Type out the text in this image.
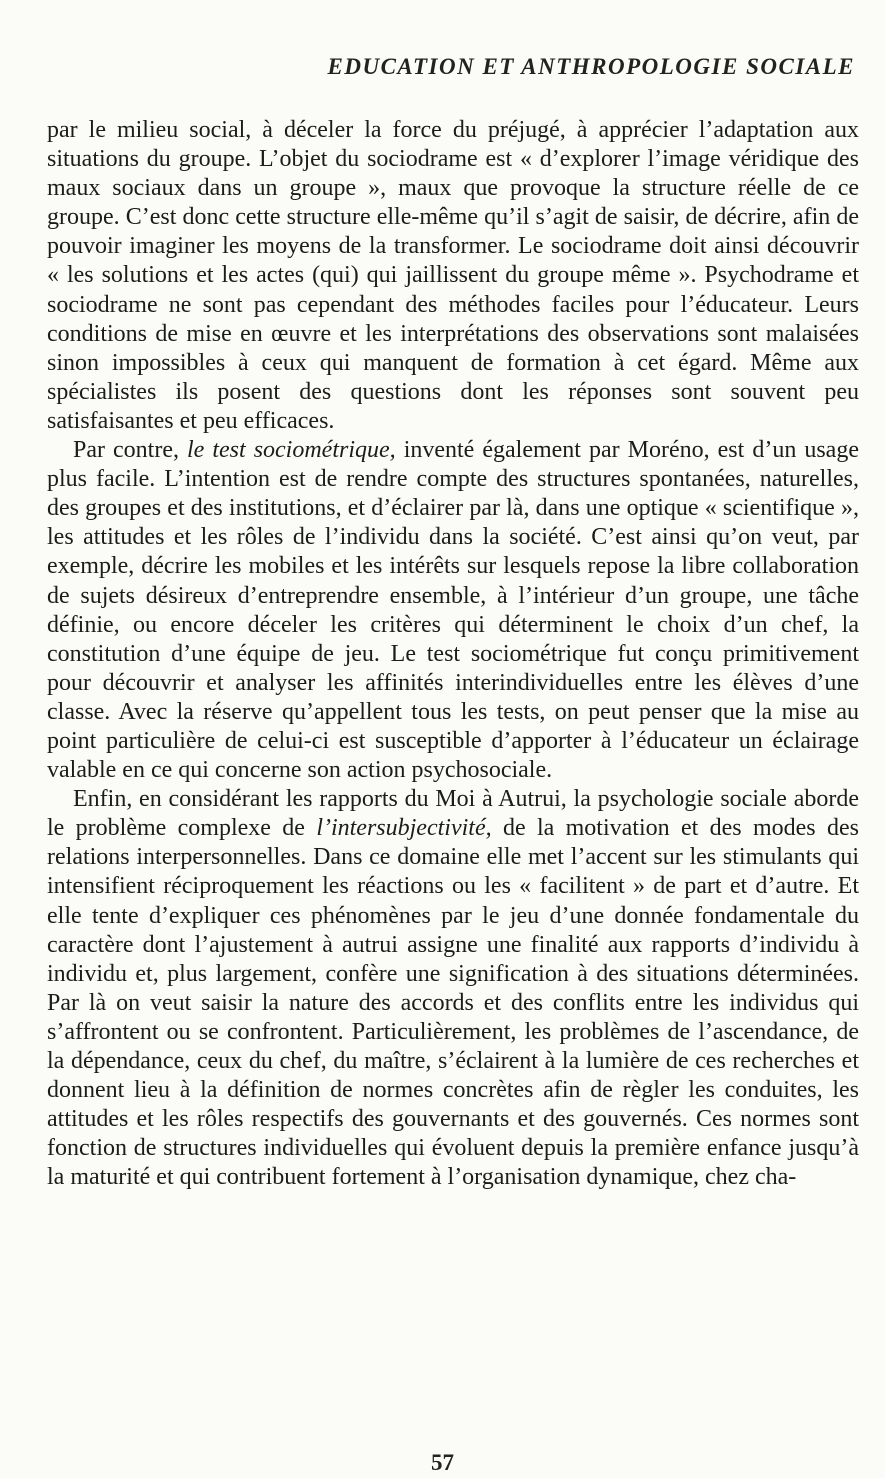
EDUCATION ET ANTHROPOLOGIE SOCIALE

par le milieu social, à déceler la force du préjugé, à apprécier l’adaptation aux situations du groupe. L’objet du sociodrame est « d’explorer l’image véridique des maux sociaux dans un groupe », maux que provoque la structure réelle de ce groupe. C’est donc cette structure elle-même qu’il s’agit de saisir, de décrire, afin de pouvoir imaginer les moyens de la transformer. Le sociodrame doit ainsi découvrir « les solutions et les actes (qui) qui jaillissent du groupe même ». Psychodrame et sociodrame ne sont pas cependant des méthodes faciles pour l’éducateur. Leurs conditions de mise en œuvre et les interprétations des observations sont malaisées sinon impossibles à ceux qui manquent de formation à cet égard. Même aux spécialistes ils posent des questions dont les réponses sont souvent peu satisfaisantes et peu efficaces.

Par contre, le test sociométrique, inventé également par Moréno, est d’un usage plus facile. L’intention est de rendre compte des structures spontanées, naturelles, des groupes et des institutions, et d’éclairer par là, dans une optique « scientifique », les attitudes et les rôles de l’individu dans la société. C’est ainsi qu’on veut, par exemple, décrire les mobiles et les intérêts sur lesquels repose la libre collaboration de sujets désireux d’entreprendre ensemble, à l’intérieur d’un groupe, une tâche définie, ou encore déceler les critères qui déterminent le choix d’un chef, la constitution d’une équipe de jeu. Le test sociométrique fut conçu primitivement pour découvrir et analyser les affinités interindividuelles entre les élèves d’une classe. Avec la réserve qu’appellent tous les tests, on peut penser que la mise au point particulière de celui-ci est susceptible d’apporter à l’éducateur un éclairage valable en ce qui concerne son action psychosociale.

Enfin, en considérant les rapports du Moi à Autrui, la psychologie sociale aborde le problème complexe de l’intersubjectivité, de la motivation et des modes des relations interpersonnelles. Dans ce domaine elle met l’accent sur les stimulants qui intensifient réciproquement les réactions ou les « facilitent » de part et d’autre. Et elle tente d’expliquer ces phénomènes par le jeu d’une donnée fondamentale du caractère dont l’ajustement à autrui assigne une finalité aux rapports d’individu à individu et, plus largement, confère une signification à des situations déterminées. Par là on veut saisir la nature des accords et des conflits entre les individus qui s’affrontent ou se confrontent. Particulièrement, les problèmes de l’ascendance, de la dépendance, ceux du chef, du maître, s’éclairent à la lumière de ces recherches et donnent lieu à la définition de normes concrètes afin de règler les conduites, les attitudes et les rôles respectifs des gouvernants et des gouvernés. Ces normes sont fonction de structures individuelles qui évoluent depuis la première enfance jusqu’à la maturité et qui contribuent fortement à l’organisation dynamique, chez cha-

57
